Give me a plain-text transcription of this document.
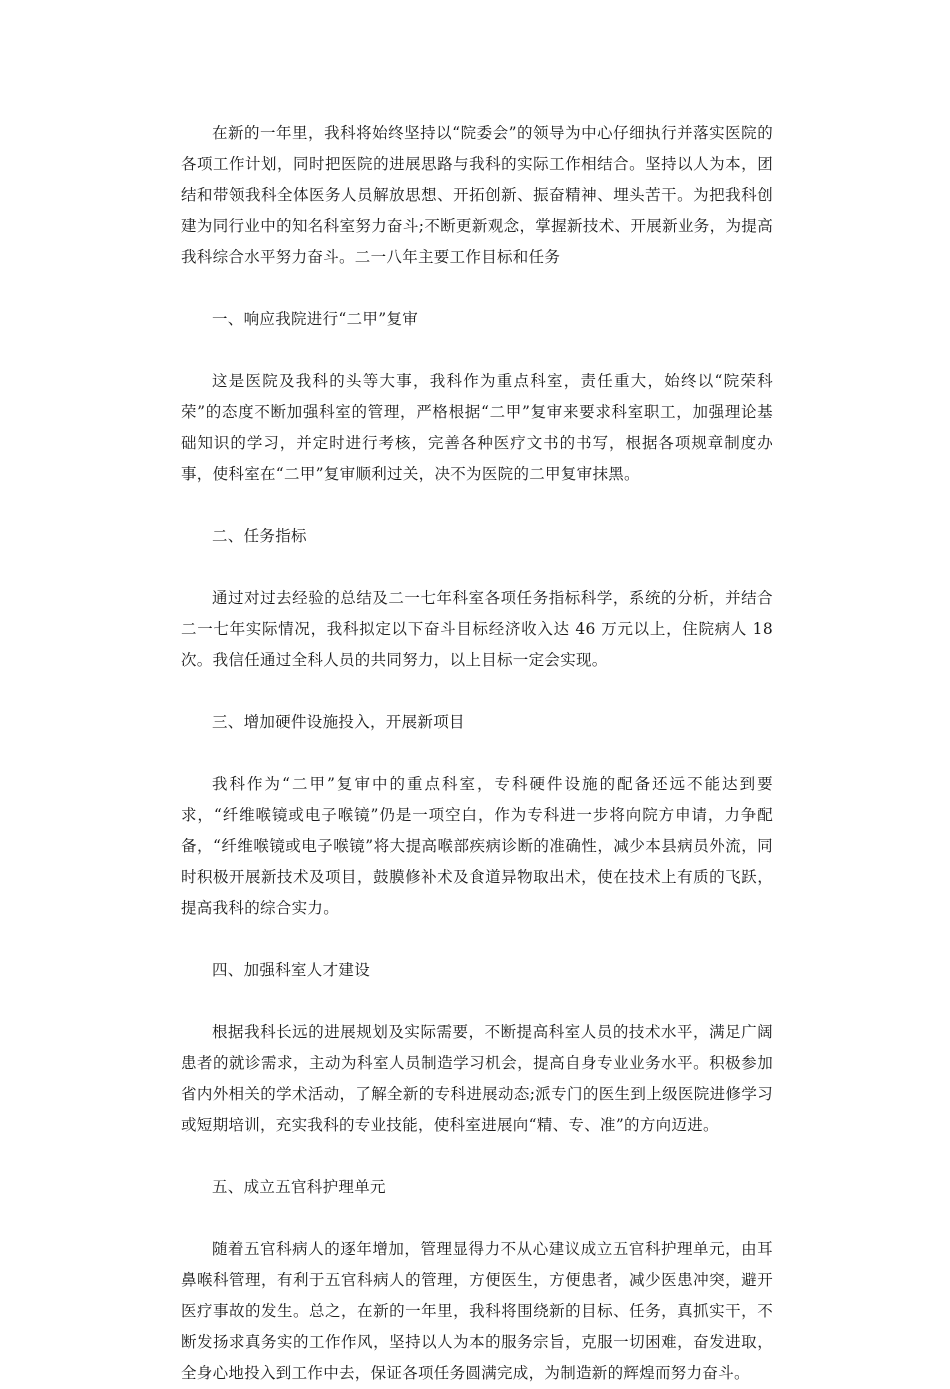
在新的一年里，我科将始终坚持以“院委会”的领导为中心仔细执行并落实医院的各项工作计划，同时把医院的进展思路与我科的实际工作相结合。坚持以人为本，团结和带领我科全体医务人员解放思想、开拓创新、振奋精神、埋头苦干。为把我科创建为同行业中的知名科室努力奋斗;不断更新观念，掌握新技术、开展新业务，为提高我科综合水平努力奋斗。二一八年主要工作目标和任务

一、响应我院进行“二甲”复审

这是医院及我科的头等大事，我科作为重点科室，责任重大，始终以“院荣科荣”的态度不断加强科室的管理，严格根据“二甲”复审来要求科室职工，加强理论基础知识的学习，并定时进行考核，完善各种医疗文书的书写，根据各项规章制度办事，使科室在“二甲”复审顺利过关，决不为医院的二甲复审抹黑。

二、任务指标

通过对过去经验的总结及二一七年科室各项任务指标科学，系统的分析，并结合二一七年实际情况，我科拟定以下奋斗目标经济收入达 46 万元以上，住院病人 18 次。我信任通过全科人员的共同努力，以上目标一定会实现。

三、增加硬件设施投入，开展新项目

我科作为“二甲”复审中的重点科室，专科硬件设施的配备还远不能达到要求，“纤维喉镜或电子喉镜”仍是一项空白，作为专科进一步将向院方申请，力争配备，“纤维喉镜或电子喉镜”将大提高喉部疾病诊断的准确性，减少本县病员外流，同时积极开展新技术及项目，鼓膜修补术及食道异物取出术，使在技术上有质的飞跃，提高我科的综合实力。

四、加强科室人才建设

根据我科长远的进展规划及实际需要，不断提高科室人员的技术水平，满足广阔患者的就诊需求，主动为科室人员制造学习机会，提高自身专业业务水平。积极参加省内外相关的学术活动，了解全新的专科进展动态;派专门的医生到上级医院进修学习或短期培训，充实我科的专业技能，使科室进展向“精、专、准”的方向迈进。

五、成立五官科护理单元

随着五官科病人的逐年增加，管理显得力不从心建议成立五官科护理单元，由耳鼻喉科管理，有利于五官科病人的管理，方便医生，方便患者，减少医患冲突，避开医疗事故的发生。总之，在新的一年里，我科将围绕新的目标、任务，真抓实干，不断发扬求真务实的工作作风，坚持以人为本的服务宗旨，克服一切困难，奋发进取，全身心地投入到工作中去，保证各项任务圆满完成，为制造新的辉煌而努力奋斗。
